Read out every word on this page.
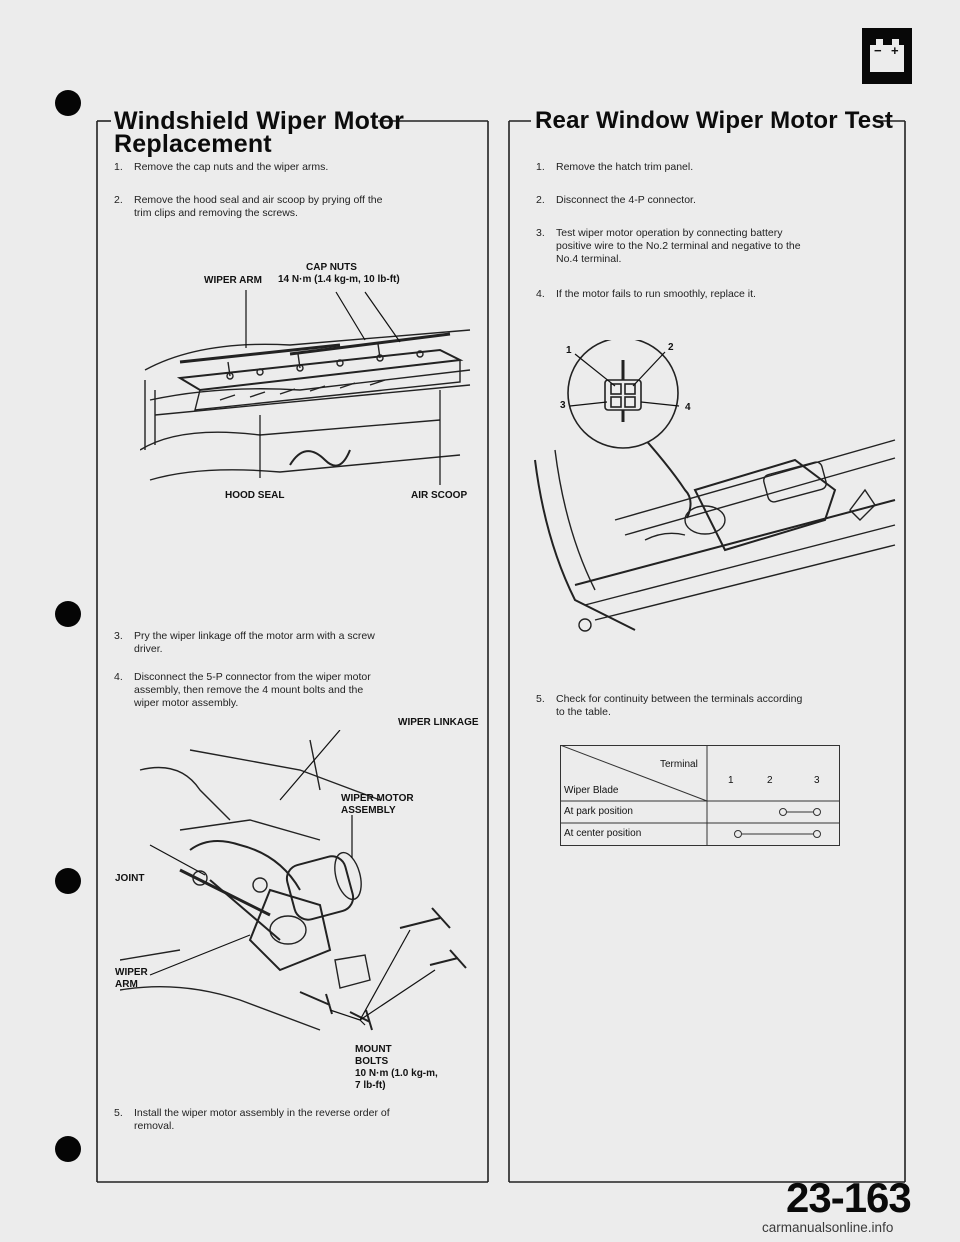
− +
Windshield Wiper Motor
Replacement
1.	Remove the cap nuts and the wiper arms.
2.	Remove the hood seal and air scoop by prying off the
trim clips and removing the screws.
WIPER ARM
CAP NUTS
14 N·m (1.4 kg-m, 10 lb-ft)
HOOD SEAL	AIR SCOOP
3.	Pry the wiper linkage off the motor arm with a screw
driver.
4.	Disconnect the 5-P connector from the wiper motor
assembly, then remove the 4 mount bolts and the
wiper motor assembly.
WIPER LINKAGE
WIPER MOTOR
ASSEMBLY
JOINT
WIPER
ARM
MOUNT
BOLTS
10 N·m (1.0 kg-m,
7 lb-ft)
5.	Install the wiper motor assembly in the reverse order of
removal.
Rear Window Wiper Motor Test
1.	Remove the hatch trim panel.
2.	Disconnect the 4-P connector.
3.	Test wiper motor operation by connecting battery
positive wire to the No.2 terminal and negative to the
No.4 terminal.
4.	If the motor fails to run smoothly, replace it.
1	2
3	4
5.	Check for continuity between the terminals according
to the table.
Terminal
Wiper Blade
1	2	3
At park position
At center position
23-163
carmanualsonline.info
